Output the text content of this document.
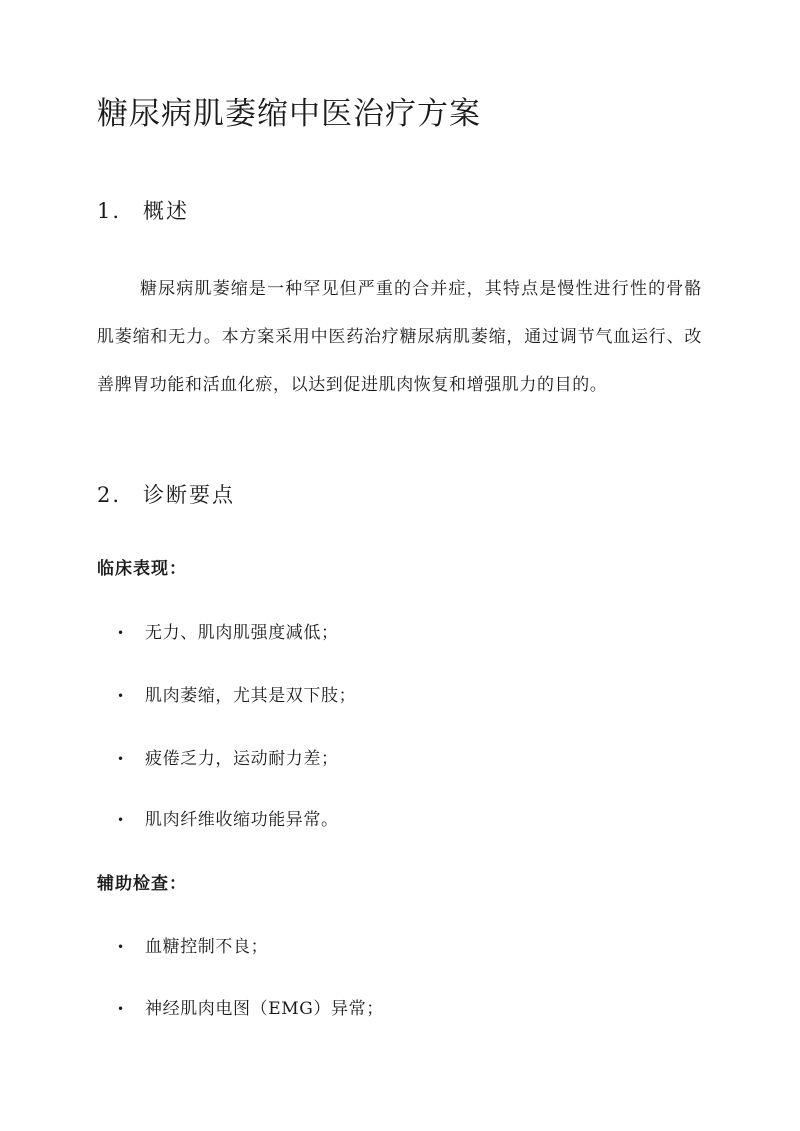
糖尿病肌萎缩中医治疗方案
1. 概述

糖尿病肌萎缩是一种罕见但严重的合并症，其特点是慢性进行性的骨骼肌萎缩和无力。本方案采用中医药治疗糖尿病肌萎缩，通过调节气血运行、改善脾胃功能和活血化瘀，以达到促进肌肉恢复和增强肌力的目的。

2. 诊断要点
临床表现：
• 无力、肌肉肌强度减低；
• 肌肉萎缩，尤其是双下肢；
• 疲倦乏力，运动耐力差；
• 肌肉纤维收缩功能异常。
辅助检查：
• 血糖控制不良；
• 神经肌肉电图（EMG）异常；
